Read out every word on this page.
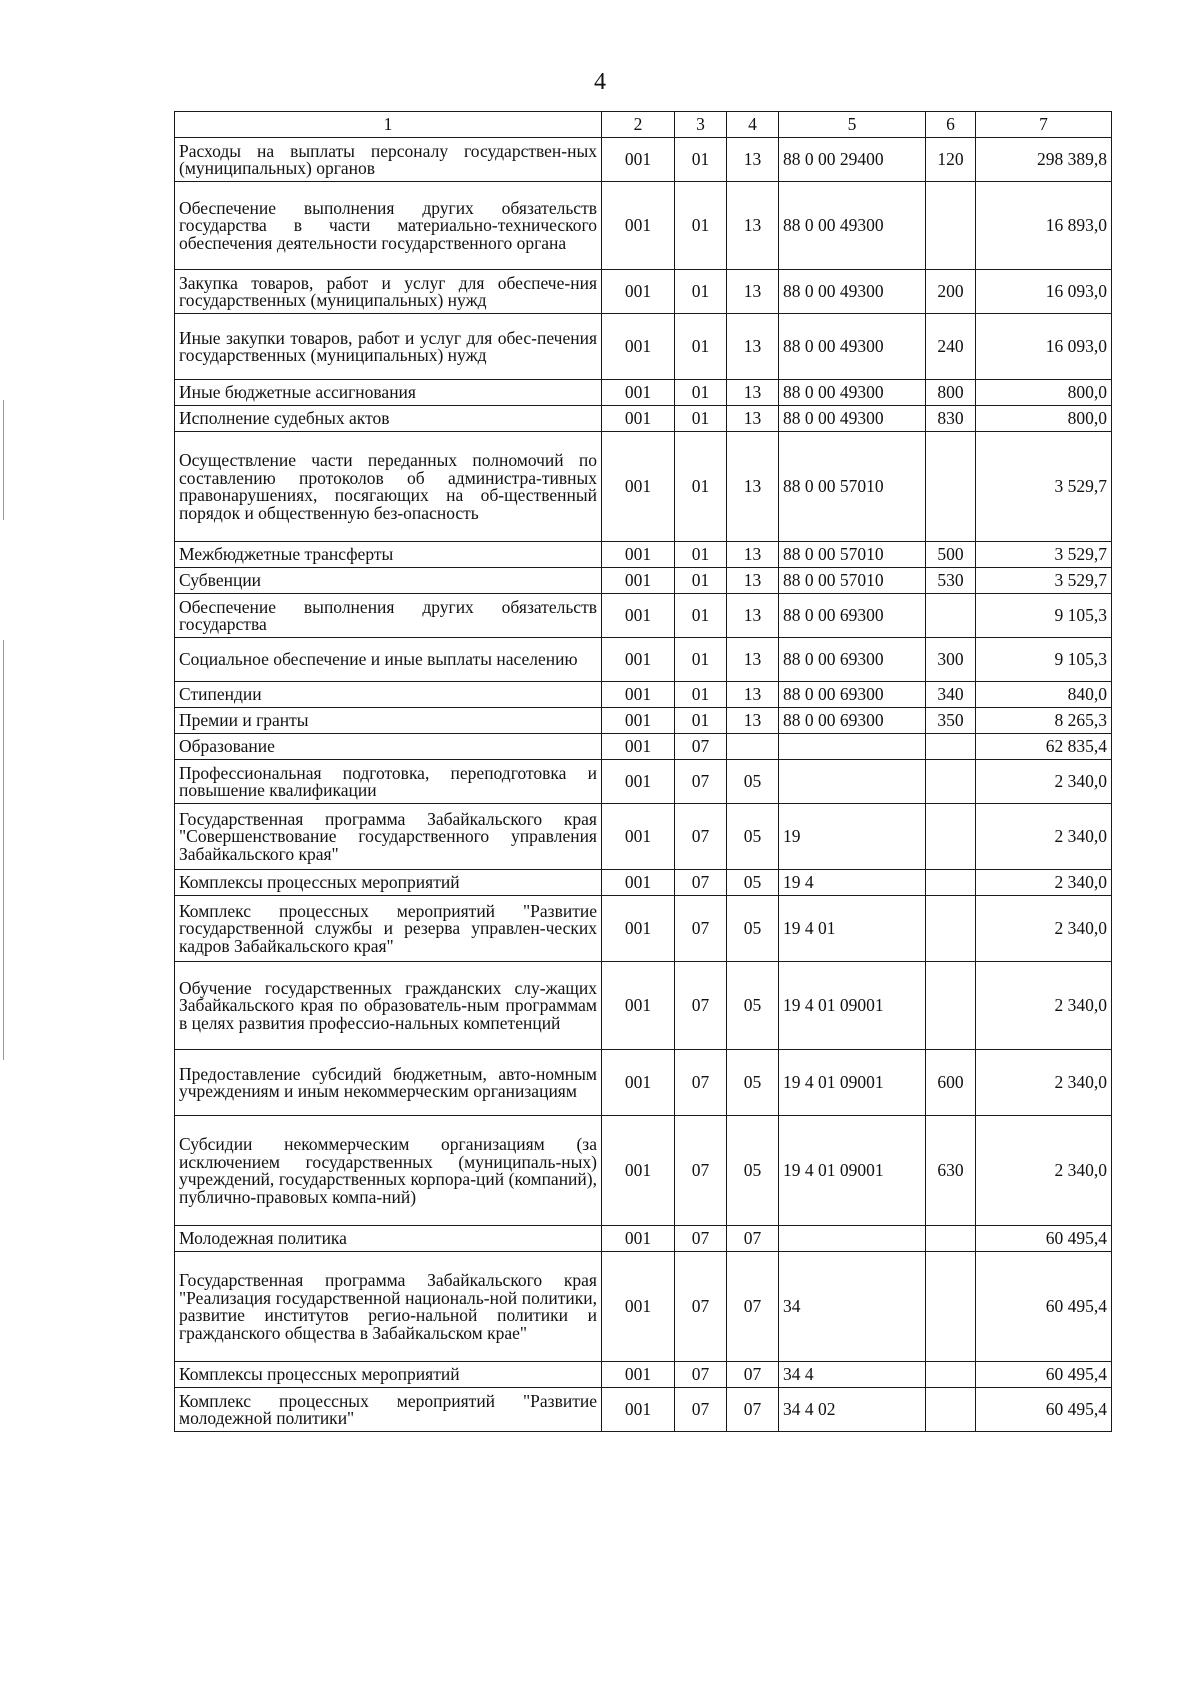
4
1	2	3	4	5	6	7
Расходы на выплаты персоналу государствен-ных (муниципальных) органов	001	01	13	88 0 00 29400	120	298 389,8
Обеспечение выполнения других обязательств государства в части материально-технического обеспечения деятельности государственного органа	001	01	13	88 0 00 49300		16 893,0
Закупка товаров, работ и услуг для обеспече-ния государственных (муниципальных) нужд	001	01	13	88 0 00 49300	200	16 093,0
Иные закупки товаров, работ и услуг для обес-печения государственных (муниципальных) нужд	001	01	13	88 0 00 49300	240	16 093,0
Иные бюджетные ассигнования	001	01	13	88 0 00 49300	800	800,0
Исполнение судебных актов	001	01	13	88 0 00 49300	830	800,0
Осуществление части переданных полномочий по составлению протоколов об администра-тивных правонарушениях, посягающих на об-щественный порядок и общественную без-опасность	001	01	13	88 0 00 57010		3 529,7
Межбюджетные трансферты	001	01	13	88 0 00 57010	500	3 529,7
Субвенции	001	01	13	88 0 00 57010	530	3 529,7
Обеспечение выполнения других обязательств государства	001	01	13	88 0 00 69300		9 105,3
Социальное обеспечение и иные выплаты населению	001	01	13	88 0 00 69300	300	9 105,3
Стипендии	001	01	13	88 0 00 69300	340	840,0
Премии и гранты	001	01	13	88 0 00 69300	350	8 265,3
Образование	001	07				62 835,4
Профессиональная подготовка, переподготовка и повышение квалификации	001	07	05			2 340,0
Государственная программа Забайкальского края "Совершенствование государственного управления Забайкальского края"	001	07	05	19		2 340,0
Комплексы процессных мероприятий	001	07	05	19 4		2 340,0
Комплекс процессных мероприятий "Развитие государственной службы и резерва управлен-ческих кадров Забайкальского края"	001	07	05	19 4 01		2 340,0
Обучение государственных гражданских слу-жащих Забайкальского края по образователь-ным программам в целях развития профессио-нальных компетенций	001	07	05	19 4 01 09001		2 340,0
Предоставление субсидий бюджетным, авто-номным учреждениям и иным некоммерческим организациям	001	07	05	19 4 01 09001	600	2 340,0
Субсидии некоммерческим организациям (за исключением государственных (муниципаль-ных) учреждений, государственных корпора-ций (компаний), публично-правовых компа-ний)	001	07	05	19 4 01 09001	630	2 340,0
Молодежная политика	001	07	07			60 495,4
Государственная программа Забайкальского края "Реализация государственной националь-ной политики, развитие институтов регио-нальной политики и гражданского общества в Забайкальском крае"	001	07	07	34		60 495,4
Комплексы процессных мероприятий	001	07	07	34 4		60 495,4
Комплекс процессных мероприятий "Развитие молодежной политики"	001	07	07	34 4 02		60 495,4
